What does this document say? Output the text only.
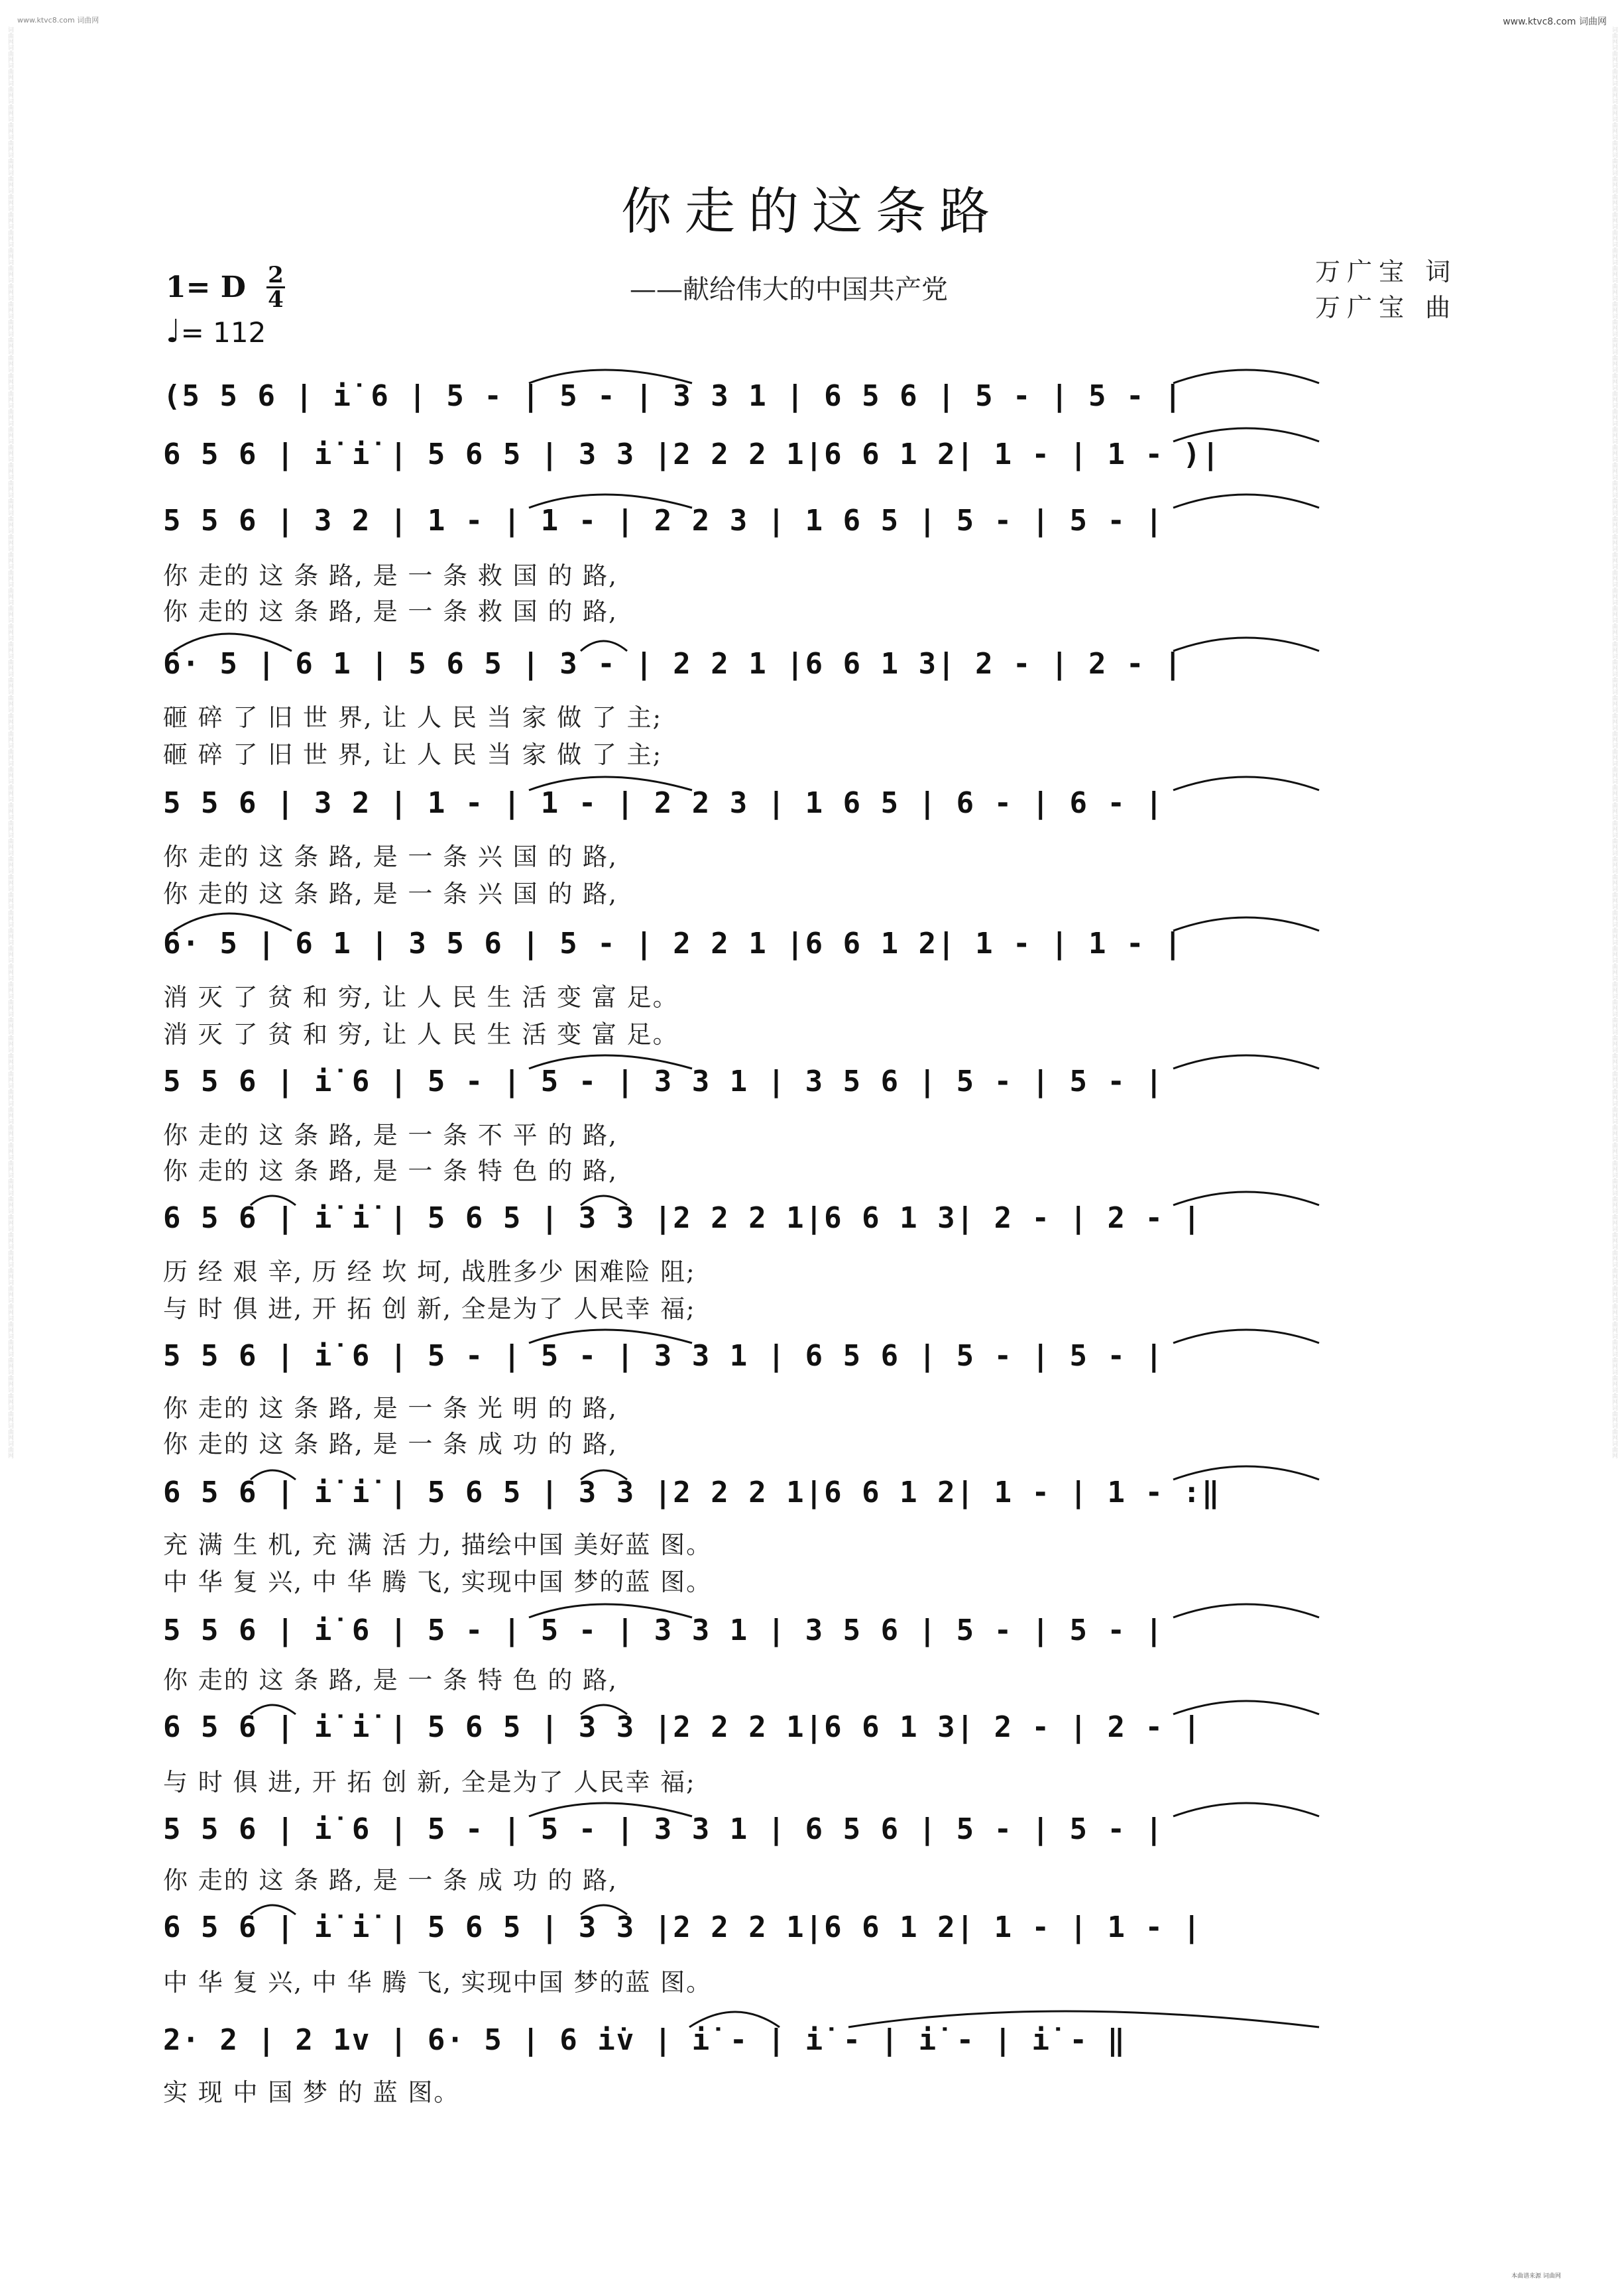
词曲网词曲网词曲网词曲网词曲网词曲网词曲网词曲网词曲网词曲网词曲网词曲网词曲网词曲网词曲网词曲网词曲网词曲网词曲网词曲网词曲网词曲网词曲网词曲网词曲网词曲网词曲网词曲网词曲网词曲网词曲网词曲网词曲网词曲网词曲网词曲网词曲网词曲网词曲网词曲网词曲网词曲网词曲网词曲网词曲网词曲网词曲网词曲网词曲网词曲网词曲网词曲网词曲网词曲网词曲网词曲网词曲网词曲网词曲网词曲网词曲网词曲网词曲网词曲网词曲网词曲网词曲网词曲网词曲网词曲网词曲网词曲网词曲网词曲网词曲网词曲网词曲网词曲网词曲网词曲网	词曲网词曲网词曲网词曲网词曲网词曲网词曲网词曲网词曲网词曲网词曲网词曲网词曲网词曲网词曲网词曲网词曲网词曲网词曲网词曲网词曲网词曲网词曲网词曲网词曲网词曲网词曲网词曲网词曲网词曲网词曲网词曲网词曲网词曲网词曲网词曲网词曲网词曲网词曲网词曲网词曲网词曲网词曲网词曲网词曲网词曲网词曲网词曲网词曲网词曲网词曲网词曲网词曲网词曲网词曲网词曲网词曲网词曲网词曲网词曲网词曲网词曲网词曲网词曲网词曲网词曲网词曲网词曲网词曲网词曲网词曲网词曲网词曲网词曲网词曲网词曲网词曲网词曲网词曲网词曲网
www.ktvc8.com 词曲网	www.ktvc8.com 词曲网
你走的这条路
——献给伟大的中国共产党
万广宝 词
万广宝 曲
1= D 2
4
♩= 112
(5 5 6 | i̇ 6 | 5 - | 5 - | 3 3 1 | 6 5 6 | 5 - | 5 - |
6 5 6 | i̇ i̇ | 5 6 5 | 3 3 |2 2 2 1|6 6 1 2| 1 - | 1 - )|
5 5 6 | 3 2 | 1 - | 1 - | 2 2 3 | 1 6 5 | 5 - | 5 - |
你 走的 这 条 路, 是 一 条 救 国 的 路,
你 走的 这 条 路, 是 一 条 救 国 的 路,
6· 5 | 6 1 | 5 6 5 | 3 - | 2 2 1 |6 6 1 3| 2 - | 2 - |
砸 碎 了 旧 世 界, 让 人 民 当 家 做 了 主;
砸 碎 了 旧 世 界, 让 人 民 当 家 做 了 主;
5 5 6 | 3 2 | 1 - | 1 - | 2 2 3 | 1 6 5 | 6 - | 6 - |
你 走的 这 条 路, 是 一 条 兴 国 的 路,
你 走的 这 条 路, 是 一 条 兴 国 的 路,
6· 5 | 6 1 | 3 5 6 | 5 - | 2 2 1 |6 6 1 2| 1 - | 1 - |
消 灭 了 贫 和 穷, 让 人 民 生 活 变 富 足。
消 灭 了 贫 和 穷, 让 人 民 生 活 变 富 足。
5 5 6 | i̇ 6 | 5 - | 5 - | 3 3 1 | 3 5 6 | 5 - | 5 - |
你 走的 这 条 路, 是 一 条 不 平 的 路,
你 走的 这 条 路, 是 一 条 特 色 的 路,
6 5 6 | i̇ i̇ | 5 6 5 | 3 3 |2 2 2 1|6 6 1 3| 2 - | 2 - |
历 经 艰 辛, 历 经 坎 坷, 战胜多少 困难险 阻;
与 时 俱 进, 开 拓 创 新, 全是为了 人民幸 福;
5 5 6 | i̇ 6 | 5 - | 5 - | 3 3 1 | 6 5 6 | 5 - | 5 - |
你 走的 这 条 路, 是 一 条 光 明 的 路,
你 走的 这 条 路, 是 一 条 成 功 的 路,
6 5 6 | i̇ i̇ | 5 6 5 | 3 3 |2 2 2 1|6 6 1 2| 1 - | 1 - :‖
充 满 生 机, 充 满 活 力, 描绘中国 美好蓝 图。
中 华 复 兴, 中 华 腾 飞, 实现中国 梦的蓝 图。
5 5 6 | i̇ 6 | 5 - | 5 - | 3 3 1 | 3 5 6 | 5 - | 5 - |
你 走的 这 条 路, 是 一 条 特 色 的 路,
6 5 6 | i̇ i̇ | 5 6 5 | 3 3 |2 2 2 1|6 6 1 3| 2 - | 2 - |
与 时 俱 进, 开 拓 创 新, 全是为了 人民幸 福;
5 5 6 | i̇ 6 | 5 - | 5 - | 3 3 1 | 6 5 6 | 5 - | 5 - |
你 走的 这 条 路, 是 一 条 成 功 的 路,
6 5 6 | i̇ i̇ | 5 6 5 | 3 3 |2 2 2 1|6 6 1 2| 1 - | 1 - |
中 华 复 兴, 中 华 腾 飞, 实现中国 梦的蓝 图。
2· 2 | 2 1v | 6· 5 | 6 i̇v | i̇ - | i̇ - | i̇ - | i̇ - ‖
实 现 中 国 梦 的 蓝 图。
本曲谱来源 词曲网
